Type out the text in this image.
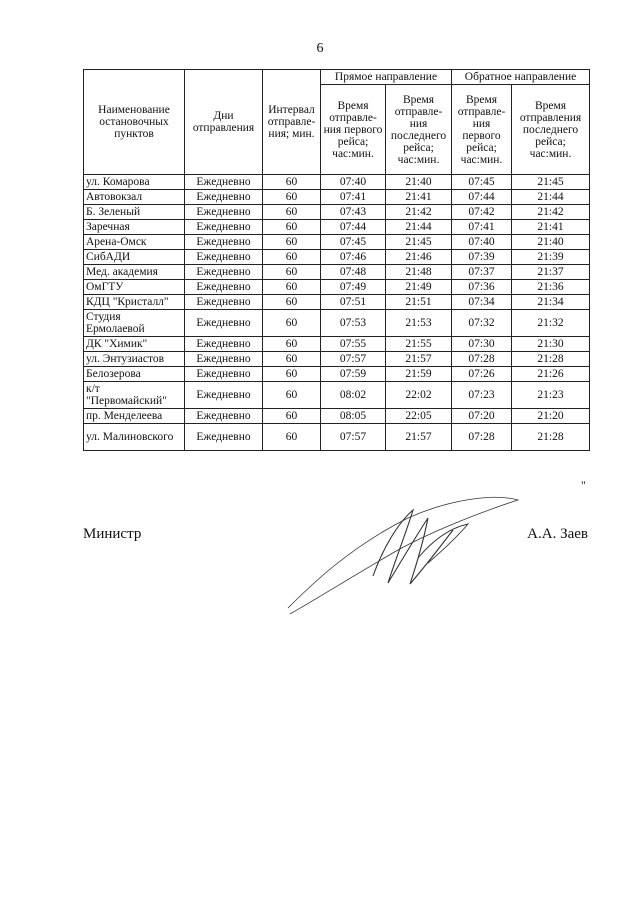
6
Наименование остановочных пунктов	Дни отправления	Интервал отправле-ния; мин.	Прямое направление		Обратное направление	
			Время отправле-ния первого рейса; час:мин.	Время отправле-ния последнего рейса; час:мин.	Время отправле-ния первого рейса; час:мин.	Время отправления последнего рейса; час:мин.
ул. Комарова	Ежедневно	60	07:40	21:40	07:45	21:45
Автовокзал	Ежедневно	60	07:41	21:41	07:44	21:44
Б. Зеленый	Ежедневно	60	07:43	21:42	07:42	21:42
Заречная	Ежедневно	60	07:44	21:44	07:41	21:41
Арена-Омск	Ежедневно	60	07:45	21:45	07:40	21:40
СибАДИ	Ежедневно	60	07:46	21:46	07:39	21:39
Мед. академия	Ежедневно	60	07:48	21:48	07:37	21:37
ОмГТУ	Ежедневно	60	07:49	21:49	07:36	21:36
КДЦ "Кристалл"	Ежедневно	60	07:51	21:51	07:34	21:34
Студия Ермолаевой	Ежедневно	60	07:53	21:53	07:32	21:32
ДК "Химик"	Ежедневно	60	07:55	21:55	07:30	21:30
ул. Энтузиастов	Ежедневно	60	07:57	21:57	07:28	21:28
Белозерова	Ежедневно	60	07:59	21:59	07:26	21:26
к/т "Первомайский"	Ежедневно	60	08:02	22:02	07:23	21:23
пр. Менделеева	Ежедневно	60	08:05	22:05	07:20	21:20
ул. Малиновского	Ежедневно	60	07:57	21:57	07:28	21:28
"
Министр	А.А. Заев
